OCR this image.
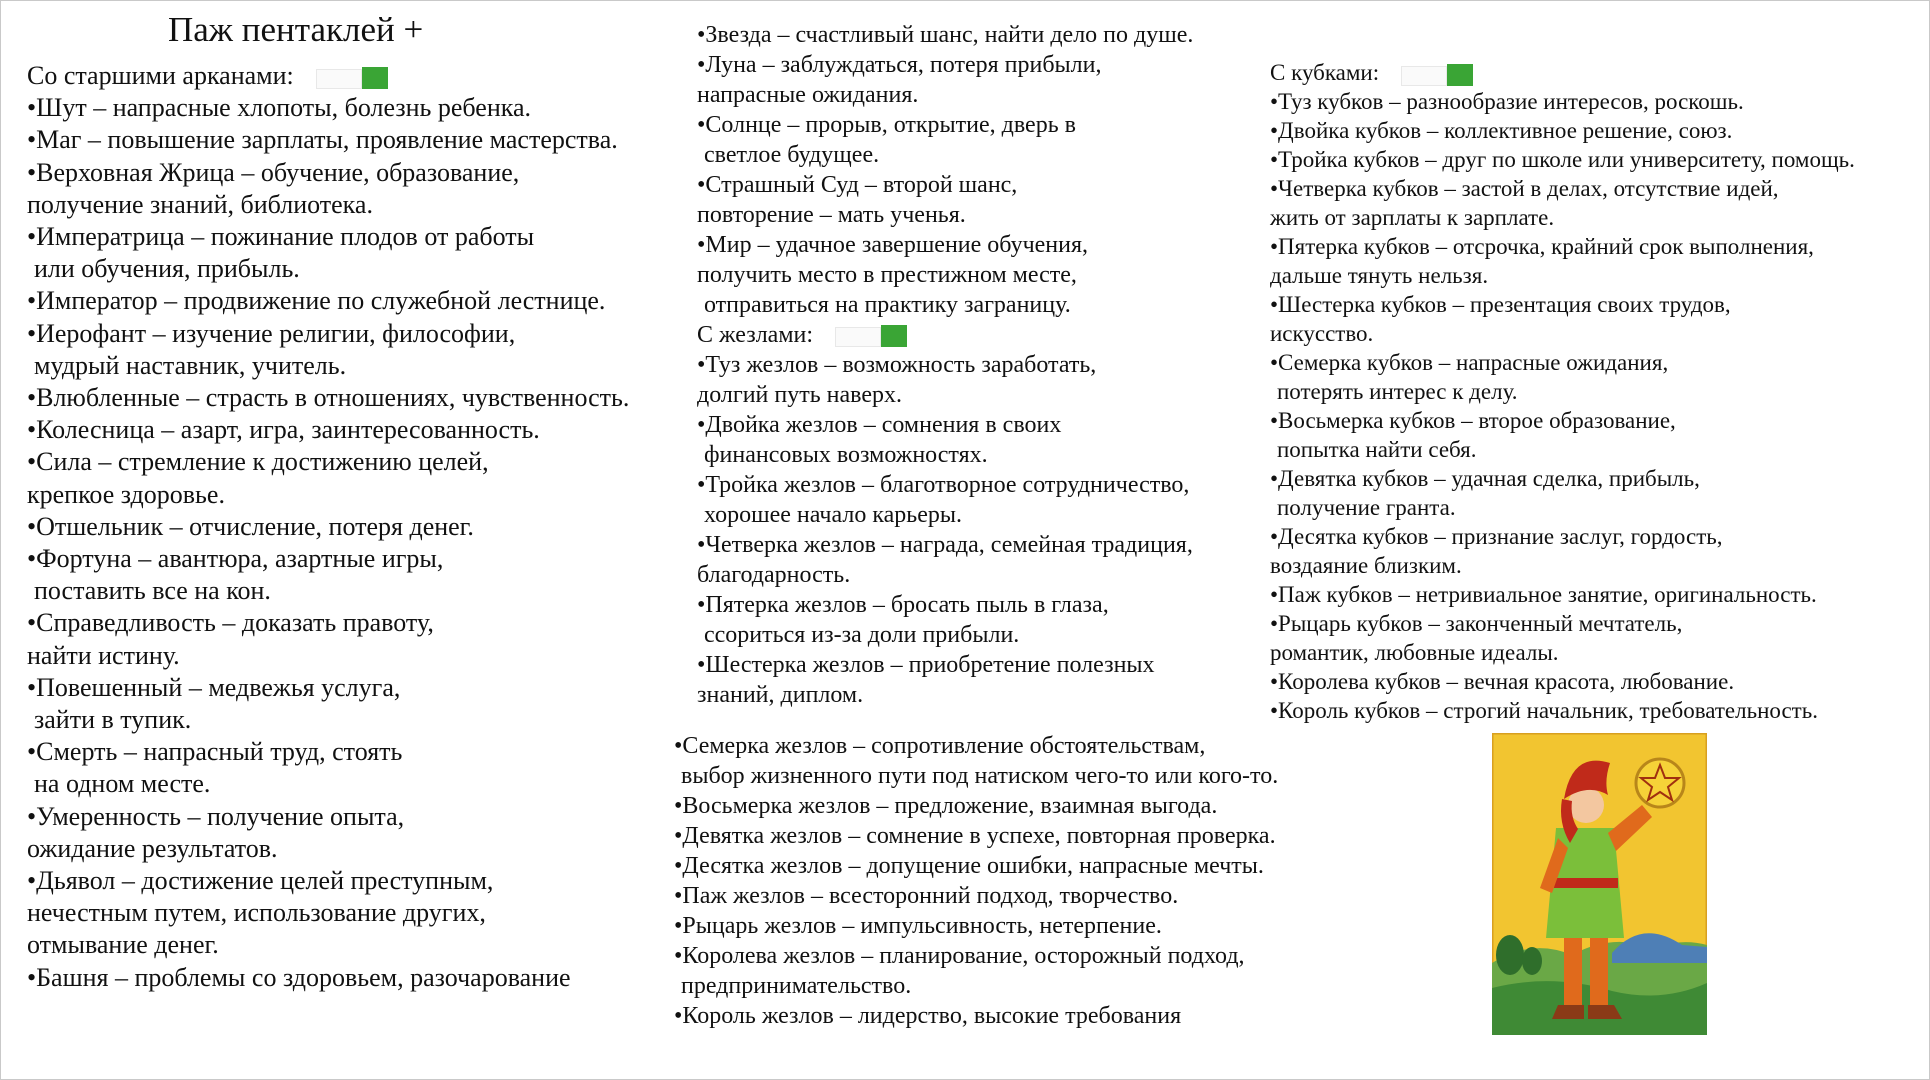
Паж пентаклей +
Со старшими арканами:
•Шут – напрасные хлопоты, болезнь ребенка.
•Маг – повышение зарплаты, проявление мастерства.
•Верховная Жрица – обучение, образование,
получение знаний, библиотека.
•Императрица – пожинание плодов от работы
или обучения, прибыль.
•Император – продвижение по служебной лестнице.
•Иерофант – изучение религии, философии,
мудрый наставник, учитель.
•Влюбленные – страсть в отношениях, чувственность.
•Колесница – азарт, игра, заинтересованность.
•Сила – стремление к достижению целей,
крепкое здоровье.
•Отшельник – отчисление, потеря денег.
•Фортуна – авантюра, азартные игры,
поставить все на кон.
•Справедливость – доказать правоту,
найти истину.
•Повешенный – медвежья услуга,
зайти в тупик.
•Смерть – напрасный труд, стоять
на одном месте.
•Умеренность – получение опыта,
ожидание результатов.
•Дьявол – достижение целей преступным,
нечестным путем, использование других,
отмывание денег.
•Башня – проблемы со здоровьем, разочарование
•Звезда – счастливый шанс, найти дело по душе.
•Луна – заблуждаться, потеря прибыли,
напрасные ожидания.
•Солнце – прорыв, открытие, дверь в
светлое будущее.
•Страшный Суд – второй шанс,
повторение – мать ученья.
•Мир – удачное завершение обучения,
получить место в престижном месте,
отправиться на практику заграницу.
С жезлами:
•Туз жезлов – возможность заработать,
долгий путь наверх.
•Двойка жезлов – сомнения в своих
финансовых возможностях.
•Тройка жезлов – благотворное сотрудничество,
хорошее начало карьеры.
•Четверка жезлов – награда, семейная традиция,
благодарность.
•Пятерка жезлов – бросать пыль в глаза,
ссориться из-за доли прибыли.
•Шестерка жезлов – приобретение полезных
знаний, диплом.
С кубками:
•Туз кубков – разнообразие интересов, роскошь.
•Двойка кубков – коллективное решение, союз.
•Тройка кубков – друг по школе или университету, помощь.
•Четверка кубков – застой в делах, отсутствие идей,
жить от зарплаты к зарплате.
•Пятерка кубков – отсрочка, крайний срок выполнения,
дальше тянуть нельзя.
•Шестерка кубков – презентация своих трудов,
искусство.
•Семерка кубков – напрасные ожидания,
потерять интерес к делу.
•Восьмерка кубков – второе образование,
попытка найти себя.
•Девятка кубков – удачная сделка, прибыль,
получение гранта.
•Десятка кубков – признание заслуг, гордость,
воздаяние близким.
•Паж кубков – нетривиальное занятие, оригинальность.
•Рыцарь кубков – законченный мечтатель,
романтик, любовные идеалы.
•Королева кубков – вечная красота, любование.
•Король кубков – строгий начальник, требовательность.
•Семерка жезлов – сопротивление обстоятельствам,
выбор жизненного пути под натиском чего-то или кого-то.
•Восьмерка жезлов – предложение, взаимная выгода.
•Девятка жезлов – сомнение в успехе, повторная проверка.
•Десятка жезлов – допущение ошибки, напрасные мечты.
•Паж жезлов – всесторонний подход, творчество.
•Рыцарь жезлов – импульсивность, нетерпение.
•Королева жезлов – планирование, осторожный подход,
предпринимательство.
•Король жезлов – лидерство, высокие требования
